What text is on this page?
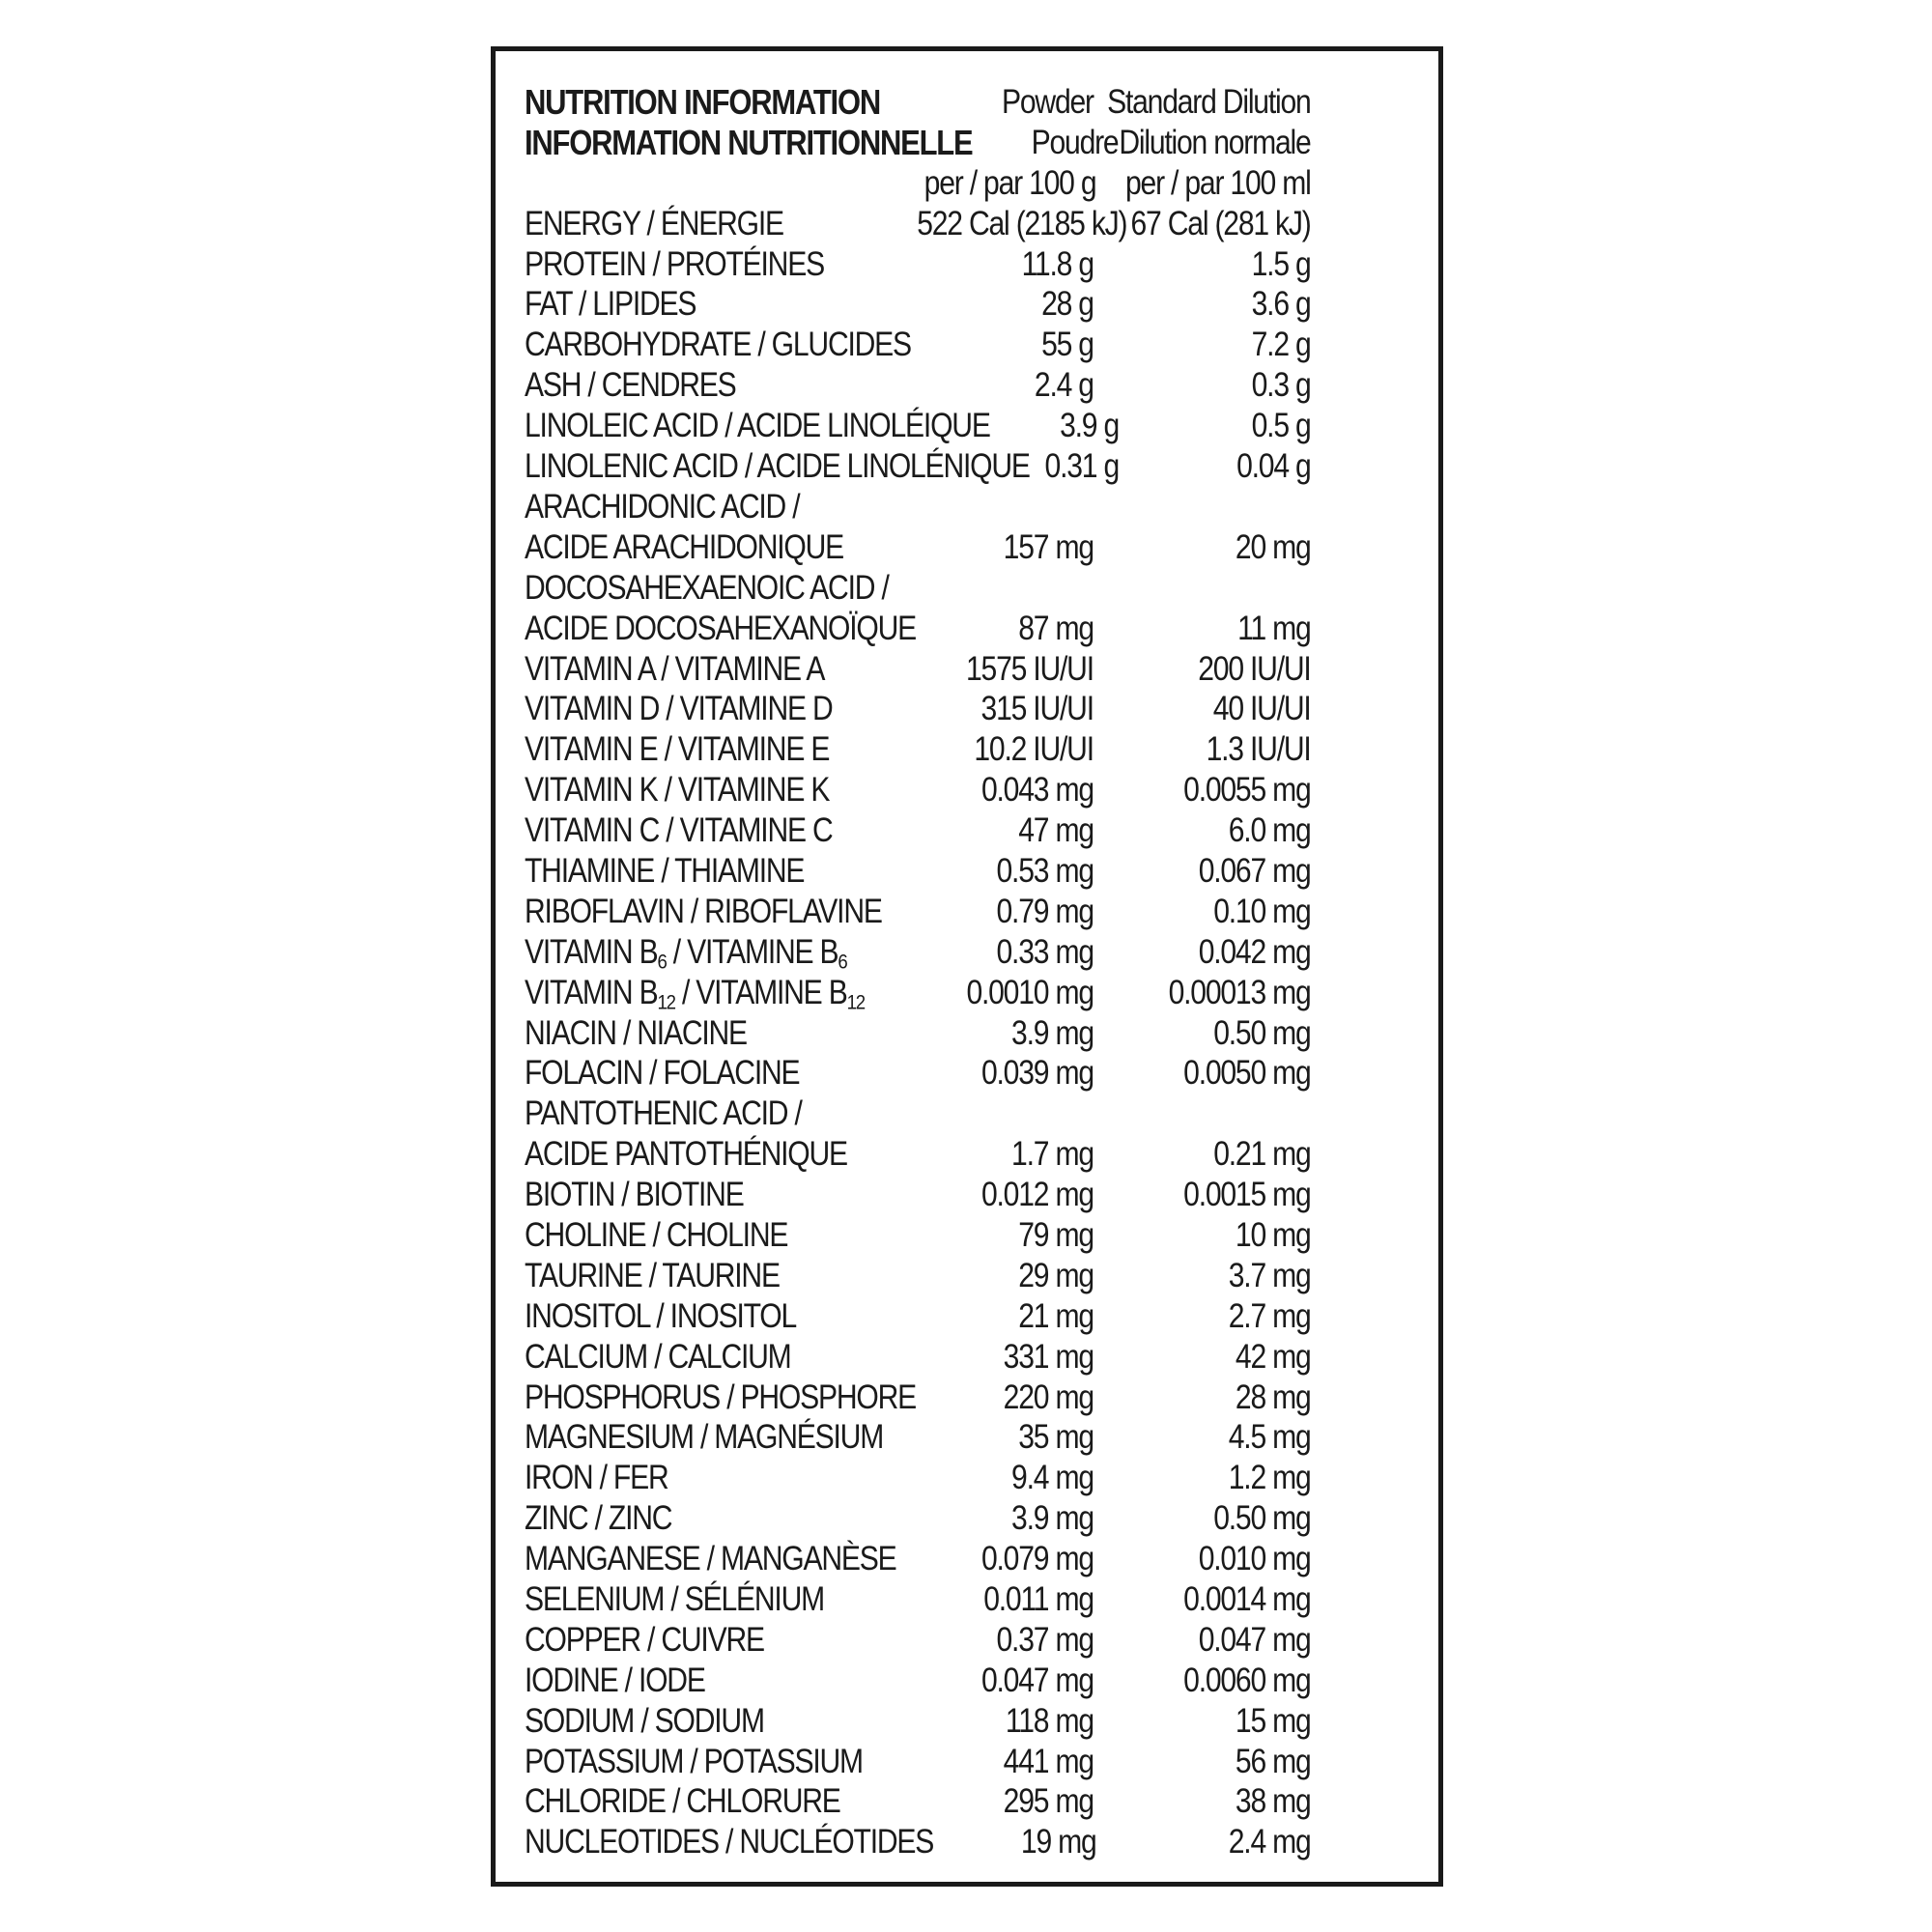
NUTRITION INFORMATION	Powder Standard Dilution
INFORMATION NUTRITIONNELLE	Poudre Dilution normale
per / par 100 g per / par 100 ml
ENERGY / ÉNERGIE	522 Cal (2185 kJ) 67 Cal (281 kJ)
PROTEIN / PROTÉINES	11.8 g	1.5 g
FAT / LIPIDES	28 g	3.6 g
CARBOHYDRATE / GLUCIDES	55 g	7.2 g
ASH / CENDRES	2.4 g	0.3 g
LINOLEIC ACID / ACIDE LINOLÉIQUE	3.9 g	0.5 g
LINOLENIC ACID / ACIDE LINOLÉNIQUE 0.31 g	0.04 g
ARACHIDONIC ACID /
ACIDE ARACHIDONIQUE	157 mg	20 mg
DOCOSAHEXAENOIC ACID /
ACIDE DOCOSAHEXANOÏQUE	87 mg	11 mg
VITAMIN A / VITAMINE A	1575 IU/UI	200 IU/UI
VITAMIN D / VITAMINE D	315 IU/UI	40 IU/UI
VITAMIN E / VITAMINE E	10.2 IU/UI	1.3 IU/UI
VITAMIN K / VITAMINE K	0.043 mg	0.0055 mg
VITAMIN C / VITAMINE C	47 mg	6.0 mg
THIAMINE / THIAMINE	0.53 mg	0.067 mg
RIBOFLAVIN / RIBOFLAVINE	0.79 mg	0.10 mg
VITAMIN $B_6$ / VITAMINE $B_6$	0.33 mg	0.042 mg
VITAMIN $B_{12}$ / VITAMINE $B_{12}$	0.0010 mg	0.00013 mg
NIACIN / NIACINE	3.9 mg	0.50 mg
FOLACIN / FOLACINE	0.039 mg	0.0050 mg
PANTOTHENIC ACID /
ACIDE PANTOTHÉNIQUE	1.7 mg	0.21 mg
BIOTIN / BIOTINE	0.012 mg	0.0015 mg
CHOLINE / CHOLINE	79 mg	10 mg
TAURINE / TAURINE	29 mg	3.7 mg
INOSITOL / INOSITOL	21 mg	2.7 mg
CALCIUM / CALCIUM	331 mg	42 mg
PHOSPHORUS / PHOSPHORE	220 mg	28 mg
MAGNESIUM / MAGNÉSIUM	35 mg	4.5 mg
IRON / FER	9.4 mg	1.2 mg
ZINC / ZINC	3.9 mg	0.50 mg
MANGANESE / MANGANÈSE	0.079 mg	0.010 mg
SELENIUM / SÉLÉNIUM	0.011 mg	0.0014 mg
COPPER / CUIVRE	0.37 mg	0.047 mg
IODINE / IODE	0.047 mg	0.0060 mg
SODIUM / SODIUM	118 mg	15 mg
POTASSIUM / POTASSIUM	441 mg	56 mg
CHLORIDE / CHLORURE	295 mg	38 mg
NUCLEOTIDES / NUCLÉOTIDES	19 mg	2.4 mg
